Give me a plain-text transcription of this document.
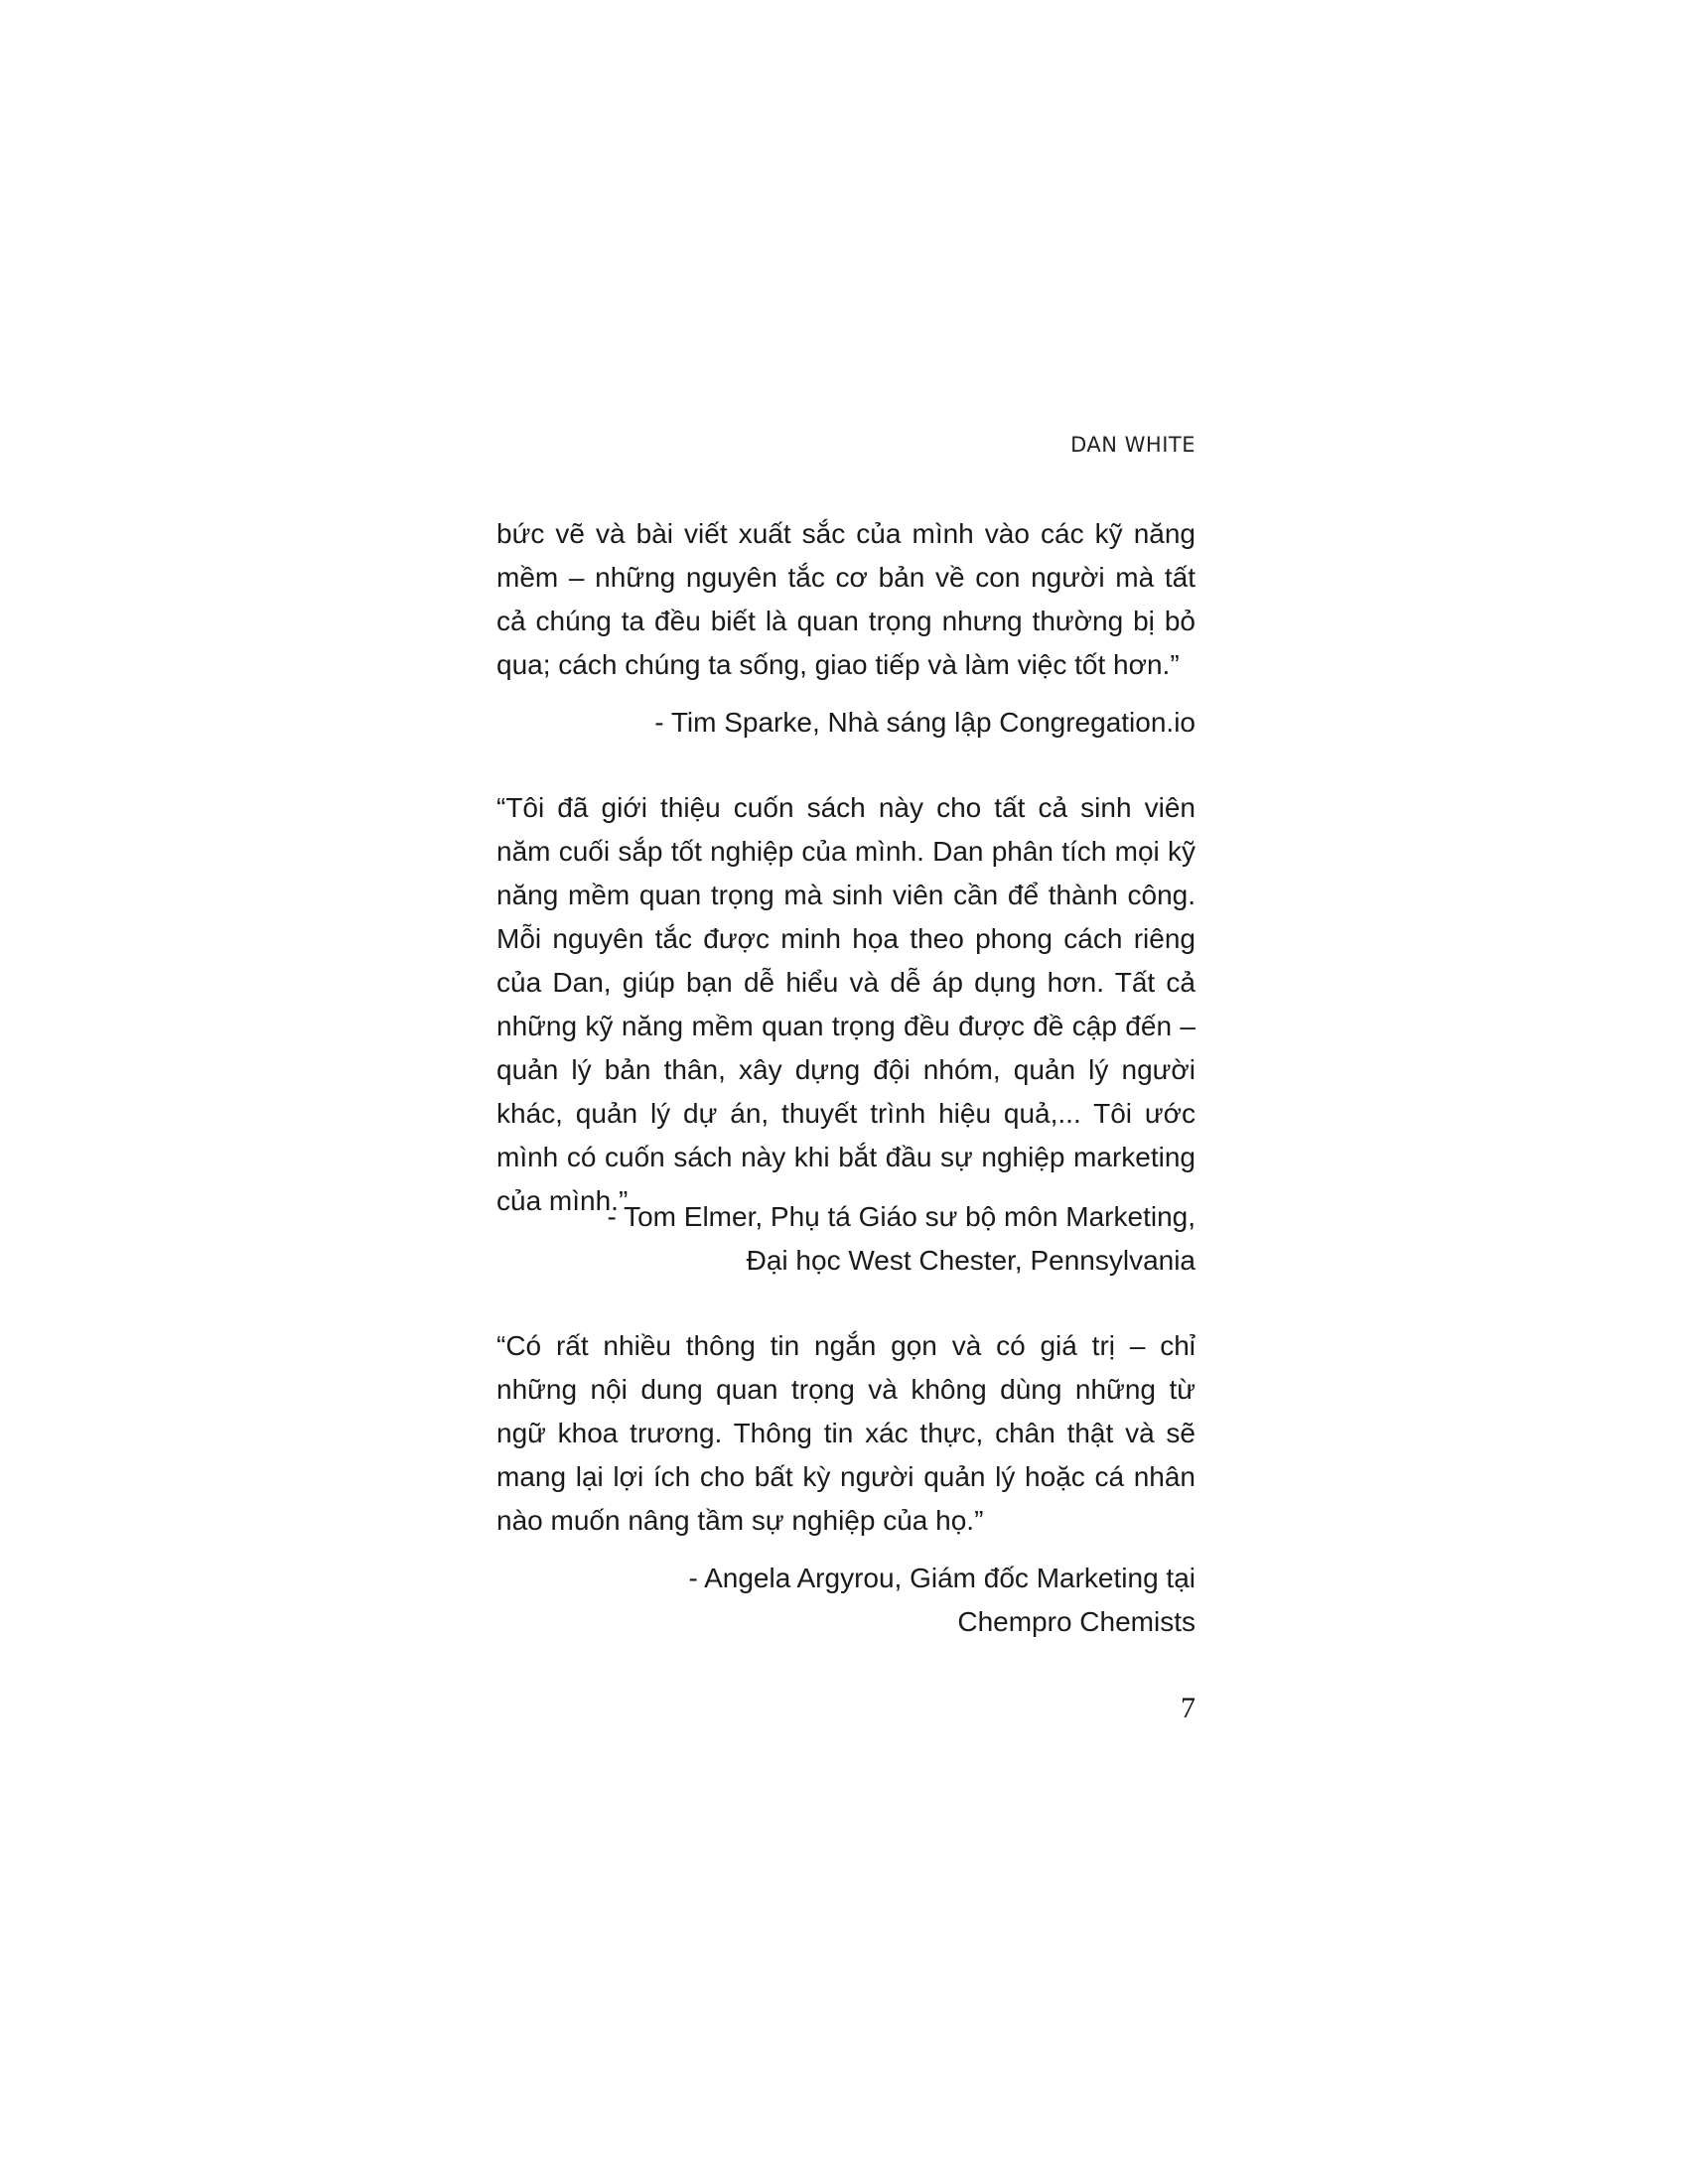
DAN WHITE

bức vẽ và bài viết xuất sắc của mình vào các kỹ năng mềm – những nguyên tắc cơ bản về con người mà tất cả chúng ta đều biết là quan trọng nhưng thường bị bỏ qua; cách chúng ta sống, giao tiếp và làm việc tốt hơn.”

- Tim Sparke, Nhà sáng lập Congregation.io

“Tôi đã giới thiệu cuốn sách này cho tất cả sinh viên năm cuối sắp tốt nghiệp của mình. Dan phân tích mọi kỹ năng mềm quan trọng mà sinh viên cần để thành công. Mỗi nguyên tắc được minh họa theo phong cách riêng của Dan, giúp bạn dễ hiểu và dễ áp dụng hơn. Tất cả những kỹ năng mềm quan trọng đều được đề cập đến – quản lý bản thân, xây dựng đội nhóm, quản lý người khác, quản lý dự án, thuyết trình hiệu quả,... Tôi ước mình có cuốn sách này khi bắt đầu sự nghiệp marketing của mình.”

- Tom Elmer, Phụ tá Giáo sư bộ môn Marketing,
Đại học West Chester, Pennsylvania

“Có rất nhiều thông tin ngắn gọn và có giá trị – chỉ những nội dung quan trọng và không dùng những từ ngữ khoa trương. Thông tin xác thực, chân thật và sẽ mang lại lợi ích cho bất kỳ người quản lý hoặc cá nhân nào muốn nâng tầm sự nghiệp của họ.”

- Angela Argyrou, Giám đốc Marketing tại
Chempro Chemists

7
